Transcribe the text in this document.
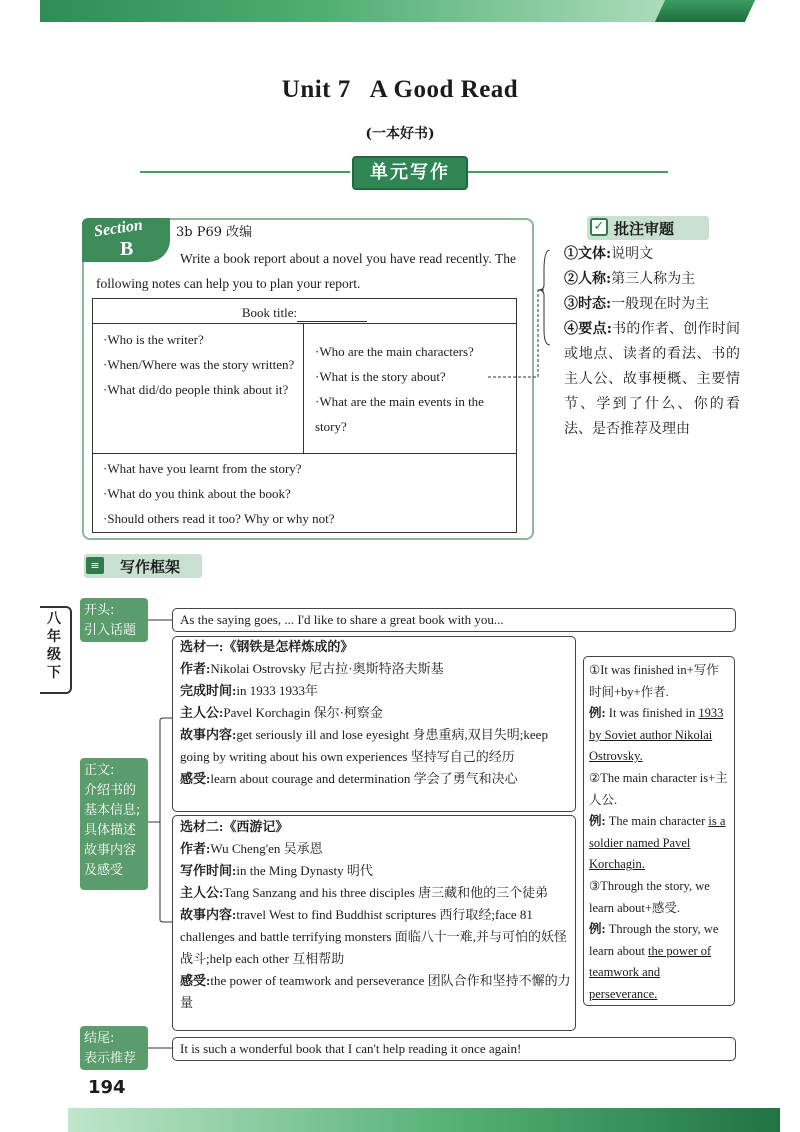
Unit 7   A Good Read
(一本好书)
单元写作
Section
B
3b P69 改编
Write a book report about a novel you have read recently. The following notes can help you to plan your report.
Book title:
· Who is the writer?
· When/Where was the story written?
· What did/do people think about it?
· Who are the main characters?
· What is the story about?
· What are the main events in the story?
· What have you learnt from the story?
· What do you think about the book?
· Should others read it too? Why or why not?
✓ 批注审题
①文体:说明文
②人称:第三人称为主
③时态:一般现在时为主
④要点:书的作者、创作时间或地点、读者的看法、书的主人公、故事梗概、主要情节、学到了什么、你的看法、是否推荐及理由
≡ 写作框架
八年级下
开头:
引入话题
正文:
介绍书的
基本信息;
具体描述
故事内容
及感受
结尾:
表示推荐
As the saying goes, ... I'd like to share a great book with you...
选材一:《钢铁是怎样炼成的》
作者:Nikolai Ostrovsky 尼古拉·奥斯特洛夫斯基
完成时间:in 1933 1933年
主人公:Pavel Korchagin 保尔·柯察金
故事内容:get seriously ill and lose eyesight 身患重病,双目失明;keep going by writing about his own experiences 坚持写自己的经历
感受:learn about courage and determination 学会了勇气和决心
选材二:《西游记》
作者:Wu Cheng'en 吴承恩
写作时间:in the Ming Dynasty 明代
主人公:Tang Sanzang and his three disciples 唐三藏和他的三个徒弟
故事内容:travel West to find Buddhist scriptures 西行取经;face 81 challenges and battle terrifying monsters 面临八十一难,并与可怕的妖怪战斗;help each other 互相帮助
感受:the power of teamwork and perseverance 团队合作和坚持不懈的力量
①It was finished in+写作时间+by+作者.
例: It was finished in 1933 by Soviet author Nikolai Ostrovsky.
②The main character is+主人公.
例: The main character is a soldier named Pavel Korchagin.
③Through the story, we learn about+感受.
例: Through the story, we learn about the power of teamwork and perseverance.
It is such a wonderful book that I can't help reading it once again!
194
